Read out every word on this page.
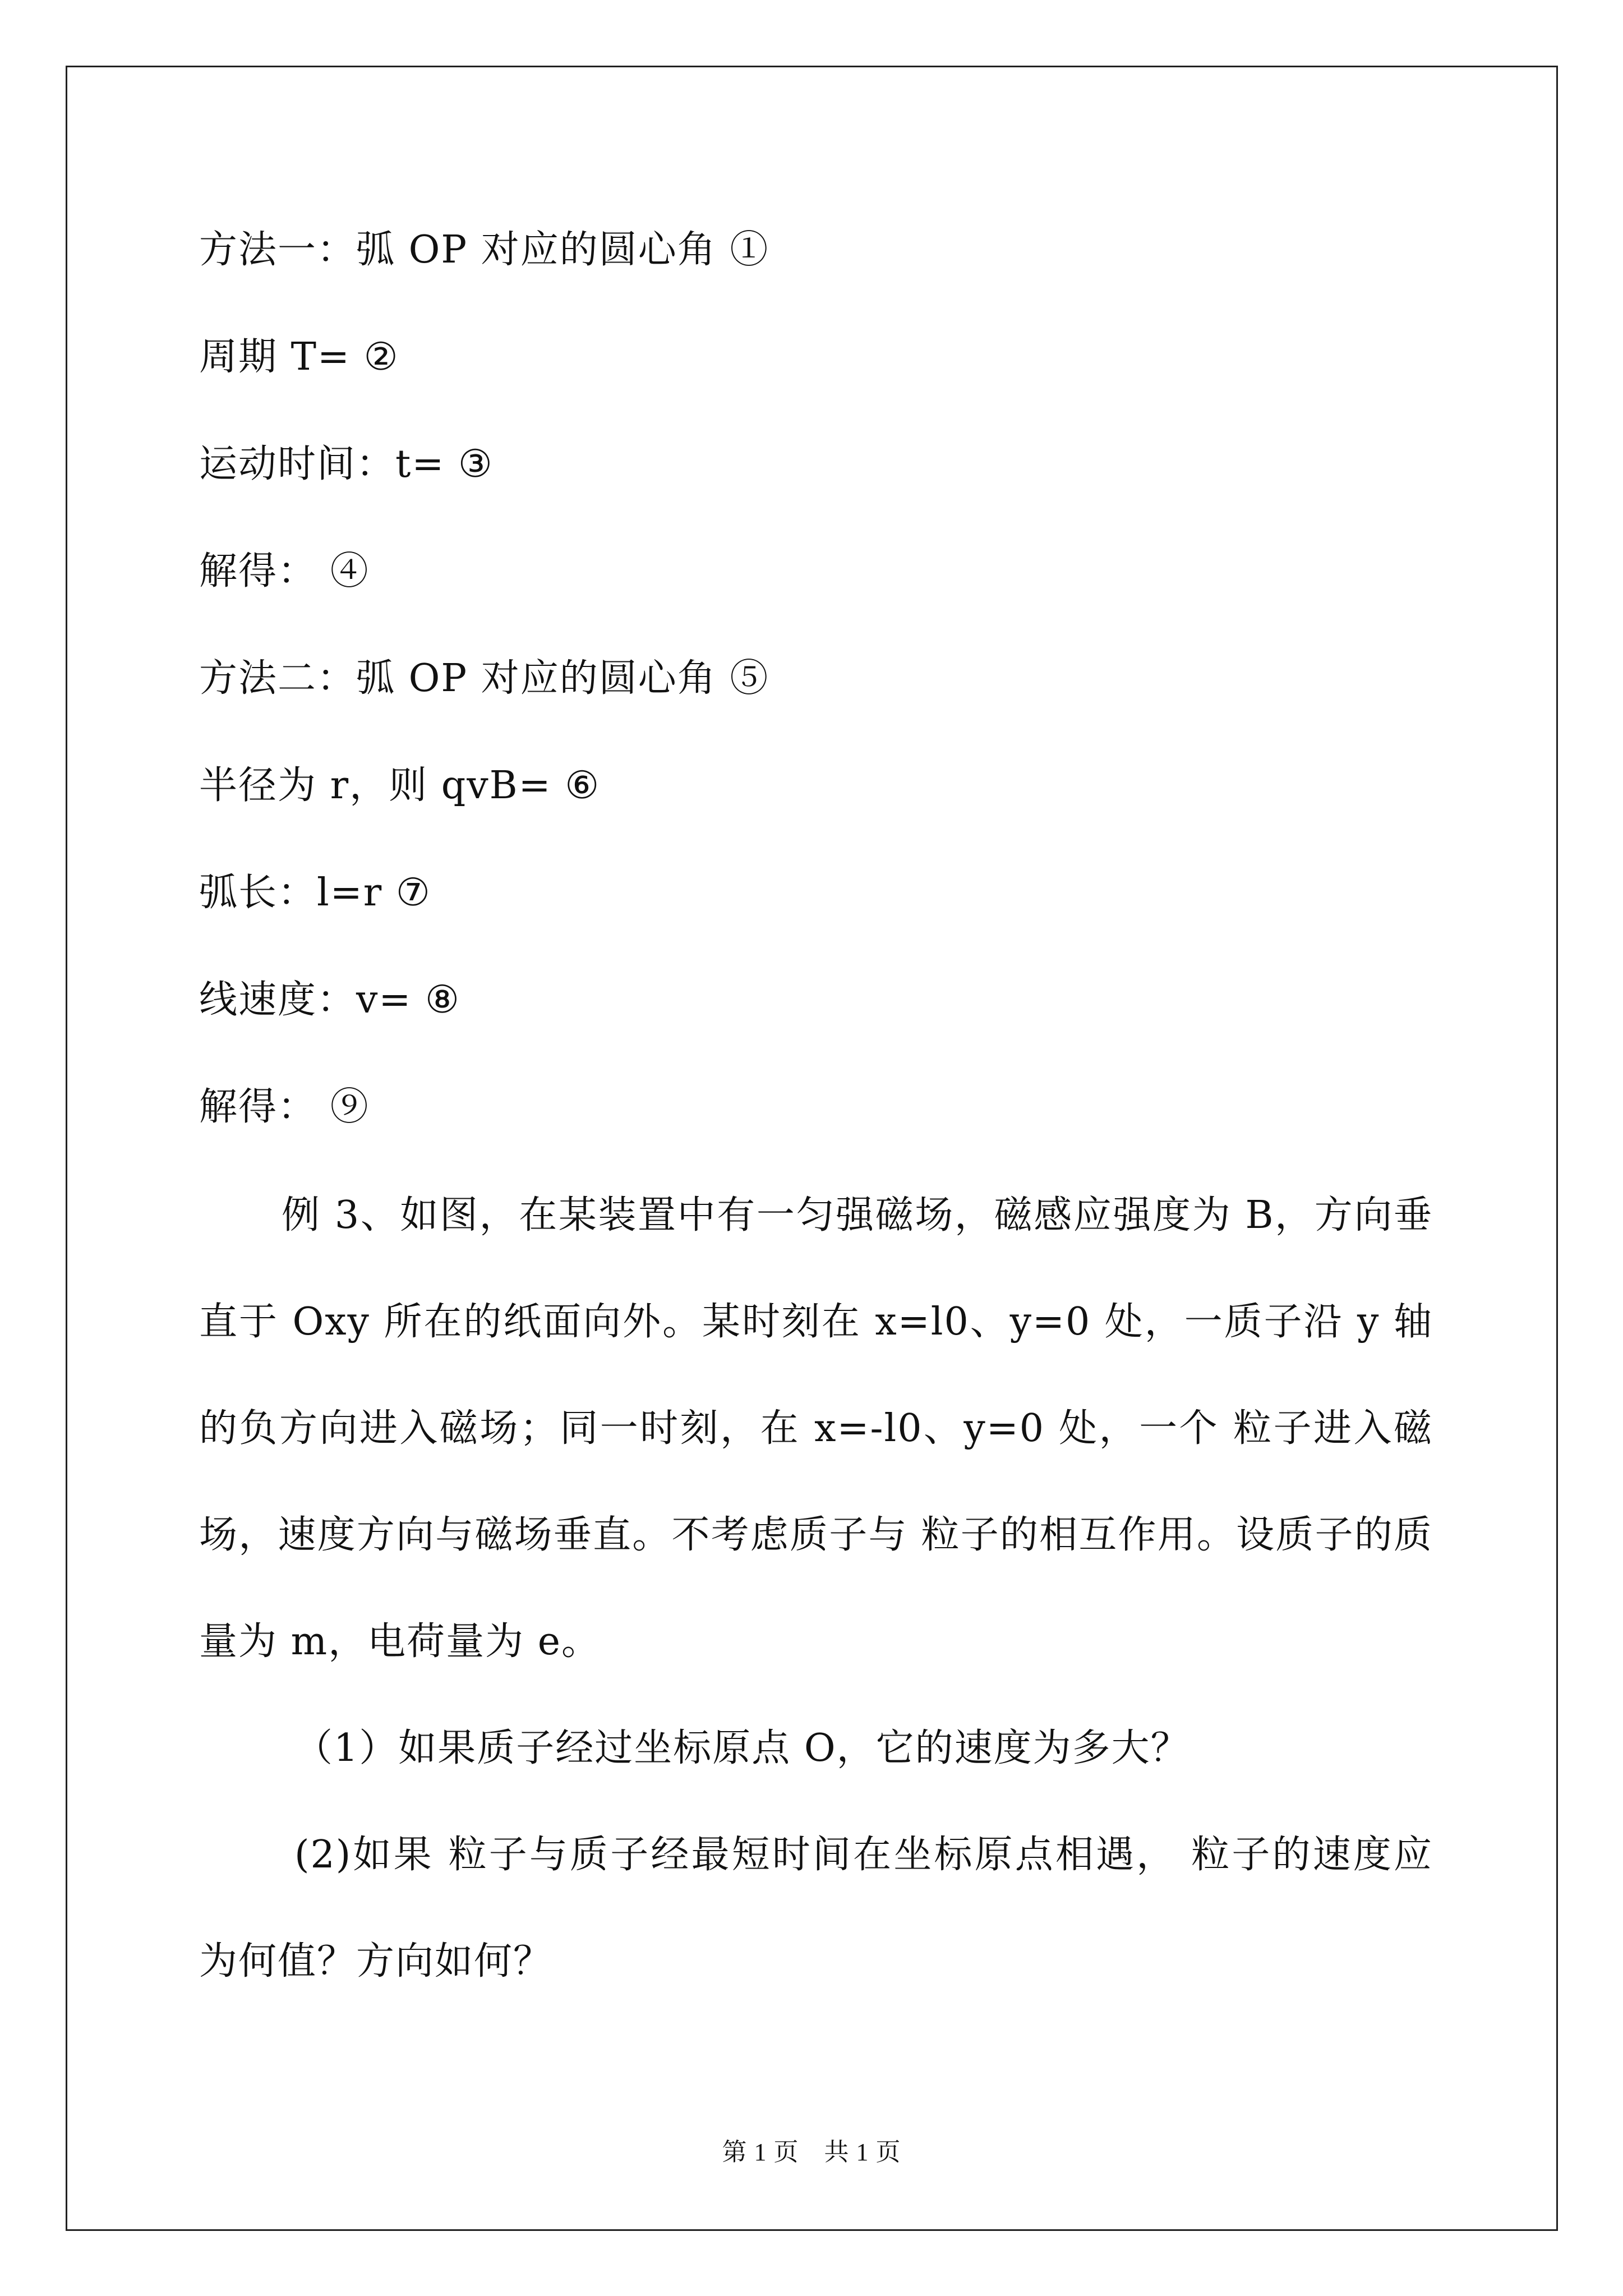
方法一：弧 OP 对应的圆心角 ①
周期 T= ②
运动时间：t= ③
解得： ④
方法二：弧 OP 对应的圆心角 ⑤
半径为 r，则 qvB= ⑥
弧长：l=r ⑦
线速度：v= ⑧
解得： ⑨

例 3、如图，在某装置中有一匀强磁场，磁感应强度为 B，方向垂直于 Oxy 所在的纸面向外。某时刻在 x=l0、y=0 处，一质子沿 y 轴的负方向进入磁场；同一时刻，在 x=-l0、y=0 处，一个 粒子进入磁场，速度方向与磁场垂直。不考虑质子与 粒子的相互作用。设质子的质量为 m，电荷量为 e。

（1）如果质子经过坐标原点 O，它的速度为多大？

(2)如果 粒子与质子经最短时间在坐标原点相遇， 粒子的速度应为何值？方向如何？

第 1 页　共 1 页
